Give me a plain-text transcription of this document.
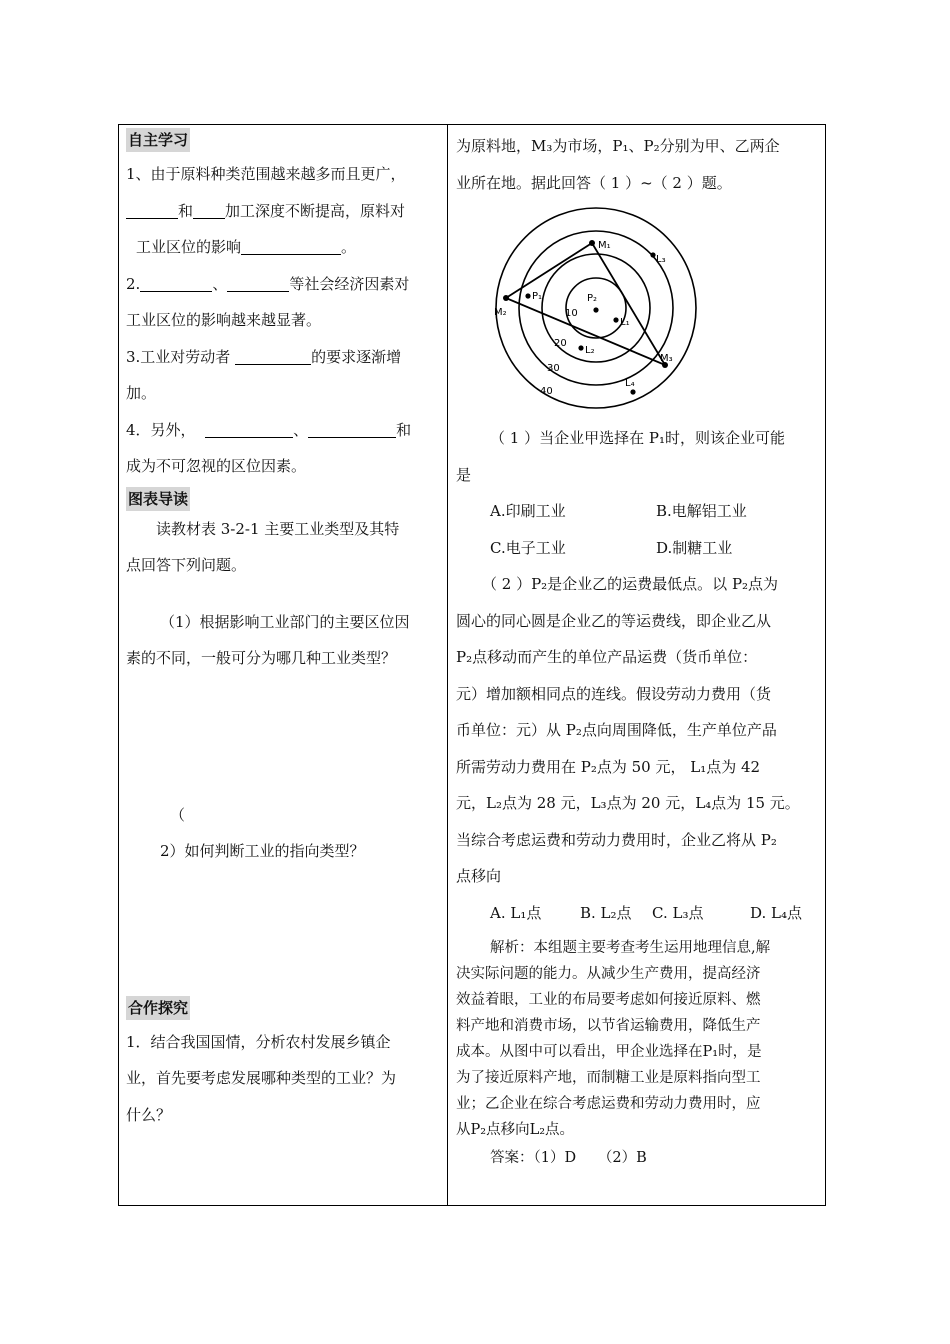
自主学习
1、由于原料种类范围越来越多而且更广，
和 加工深度不断提高，原料对
工业区位的影响	。
2.	、	等社会经济因素对
工业区位的影响越来越显著。
3.工业对劳动者	的要求逐渐增
加。
4．另外，	、	和
成为不可忽视的区位因素。
图表导读
读教材表 3-2-1 主要工业类型及其特
点回答下列问题。
（1）根据影响工业部门的主要区位因
素的不同，一般可分为哪几种工业类型？
（
2）如何判断工业的指向类型？
合作探究
1．结合我国国情，分析农村发展乡镇企
业，首先要考虑发展哪种类型的工业？为
什么？
为原料地，M₃为市场，P₁、P₂分别为甲、乙两企
业所在地。据此回答（ 1 ）~（ 2 ）题。
M₁
M₂
M₃
P₁	P₂
L₁
L₂
L₃
L₄
10
20
30
40
（ 1 ）当企业甲选择在 P₁时，则该企业可能
是
A.印刷工业	B.电解铝工业
C.电子工业	D.制糖工业
（ 2 ）P₂是企业乙的运费最低点。以 P₂点为
圆心的同心圆是企业乙的等运费线，即企业乙从
P₂点移动而产生的单位产品运费（货币单位：
元）增加额相同点的连线。假设劳动力费用（货
币单位：元）从 P₂点向周围降低，生产单位产品
所需劳动力费用在 P₂点为 50 元， L₁点为 42
元，L₂点为 28 元，L₃点为 20 元，L₄点为 15 元。
当综合考虑运费和劳动力费用时，企业乙将从 P₂
点移向
A. L₁点	B. L₂点 C. L₃点	D. L₄点
解析：本组题主要考查考生运用地理信息,解
决实际问题的能力。从减少生产费用，提高经济
效益着眼，工业的布局要考虑如何接近原料、燃
料产地和消费市场，以节省运输费用，降低生产
成本。从图中可以看出，甲企业选择在P₁时，是
为了接近原料产地，而制糖工业是原料指向型工
业；乙企业在综合考虑运费和劳动力费用时，应
从P₂点移向L₂点。
答案：（1）D　　（2）B
